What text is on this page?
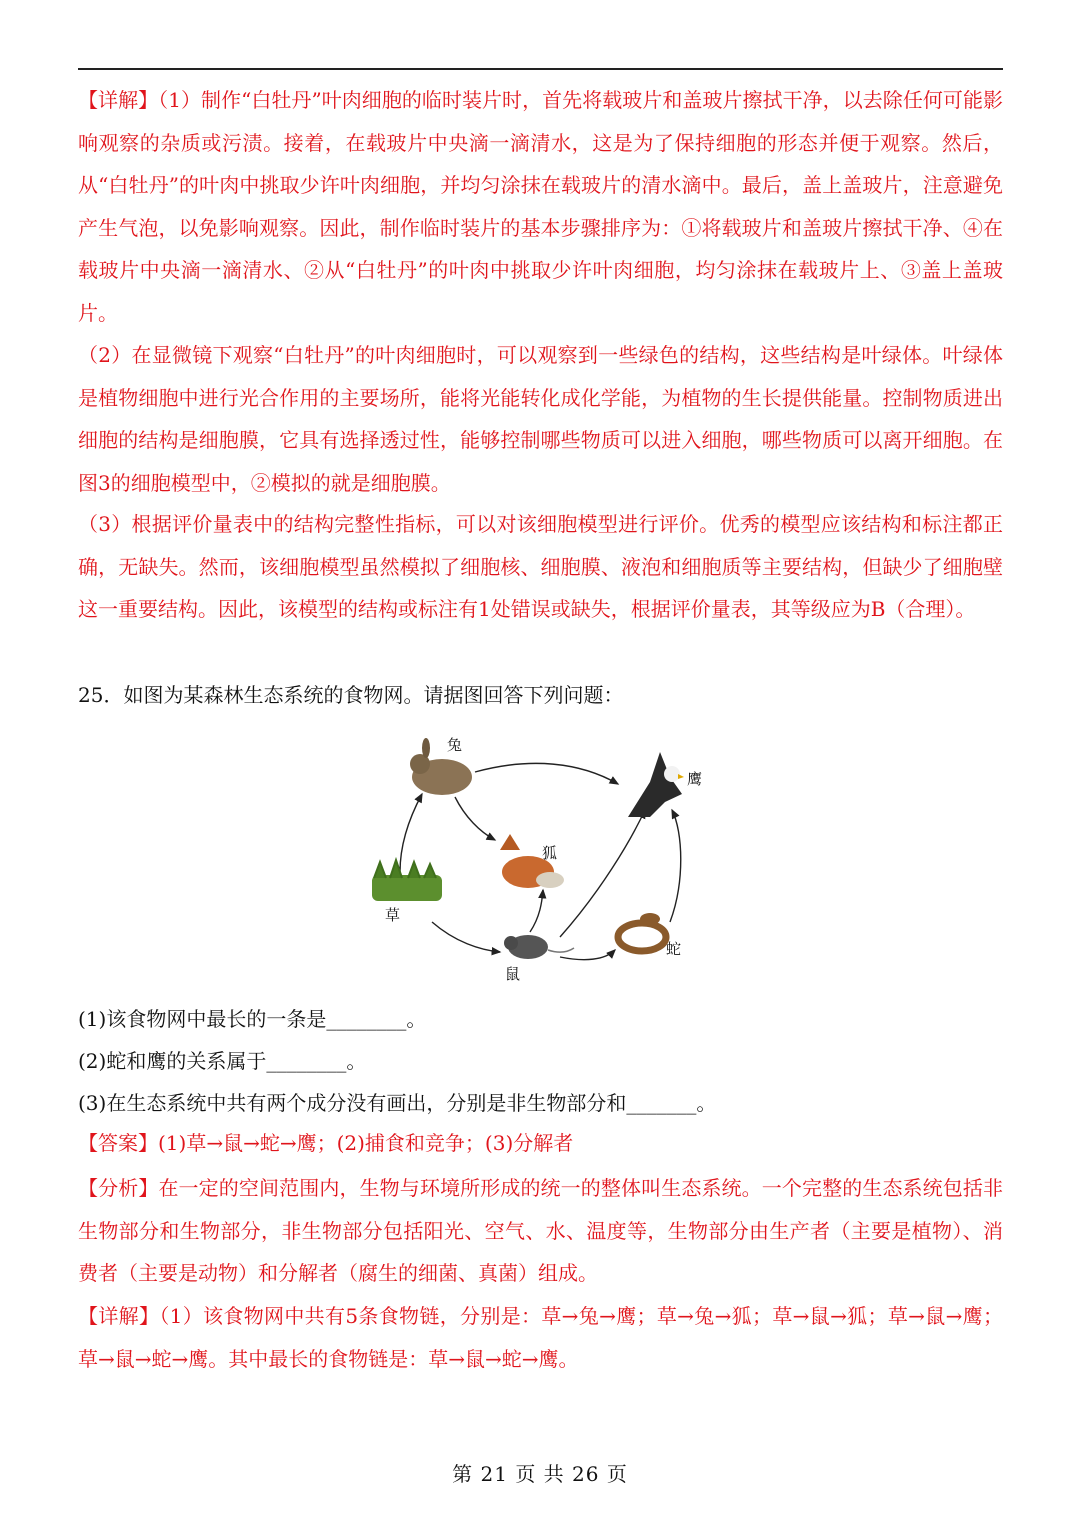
【详解】（1）制作“白牡丹”叶肉细胞的临时装片时，首先将载玻片和盖玻片擦拭干净，以去除任何可能影响观察的杂质或污渍。接着，在载玻片中央滴一滴清水，这是为了保持细胞的形态并便于观察。然后，从“白牡丹”的叶肉中挑取少许叶肉细胞，并均匀涂抹在载玻片的清水滴中。最后，盖上盖玻片，注意避免产生气泡，以免影响观察。因此，制作临时装片的基本步骤排序为：①将载玻片和盖玻片擦拭干净、④在载玻片中央滴一滴清水、②从“白牡丹”的叶肉中挑取少许叶肉细胞，均匀涂抹在载玻片上、③盖上盖玻片。

（2）在显微镜下观察“白牡丹”的叶肉细胞时，可以观察到一些绿色的结构，这些结构是叶绿体。叶绿体是植物细胞中进行光合作用的主要场所，能将光能转化成化学能，为植物的生长提供能量。控制物质进出细胞的结构是细胞膜，它具有选择透过性，能够控制哪些物质可以进入细胞，哪些物质可以离开细胞。在图3的细胞模型中，②模拟的就是细胞膜。

（3）根据评价量表中的结构完整性指标，可以对该细胞模型进行评价。优秀的模型应该结构和标注都正确，无缺失。然而，该细胞模型虽然模拟了细胞核、细胞膜、液泡和细胞质等主要结构，但缺少了细胞壁这一重要结构。因此，该模型的结构或标注有1处错误或缺失，根据评价量表，其等级应为B（合理）。

25．如图为某森林生态系统的食物网。请据图回答下列问题：

兔
鹰
狐
草
鼠
蛇

(1)该食物网中最长的一条是________。

(2)蛇和鹰的关系属于________。

(3)在生态系统中共有两个成分没有画出，分别是非生物部分和_______。

【答案】(1)草→鼠→蛇→鹰；(2)捕食和竞争；(3)分解者

【分析】在一定的空间范围内，生物与环境所形成的统一的整体叫生态系统。一个完整的生态系统包括非生物部分和生物部分，非生物部分包括阳光、空气、水、温度等，生物部分由生产者（主要是植物）、消费者（主要是动物）和分解者（腐生的细菌、真菌）组成。

【详解】（1）该食物网中共有5条食物链，分别是：草→兔→鹰；草→兔→狐；草→鼠→狐；草→鼠→鹰；草→鼠→蛇→鹰。其中最长的食物链是：草→鼠→蛇→鹰。

第 21 页 共 26 页
